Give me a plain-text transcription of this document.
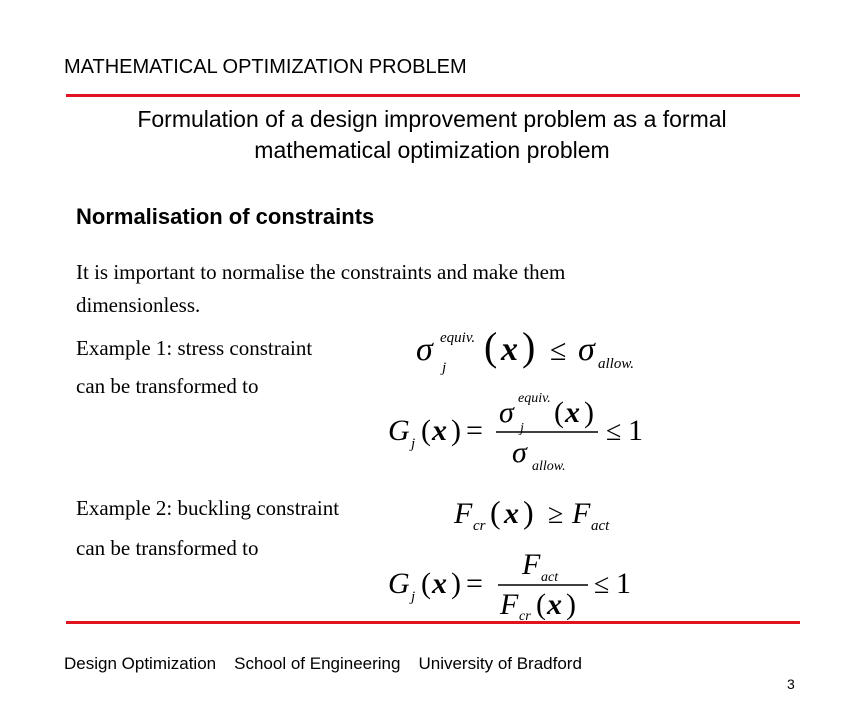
MATHEMATICAL OPTIMIZATION PROBLEM
Formulation of a design improvement problem as a formal
mathematical optimization problem
Normalisation of constraints
It is important to normalise the constraints and make them
dimensionless.
Example 1: stress constraint
can be transformed to
Example 2: buckling constraint
can be transformed to
σ equiv.
j ( x ) ≤ σ allow.
G j ( x ) =
σ equiv.
j ( x )
σ allow.
≤ 1
F cr ( x ) ≥ F act
G j ( x ) =
F act
F cr ( x )
≤ 1
Design Optimization School of Engineering University of Bradford
3
